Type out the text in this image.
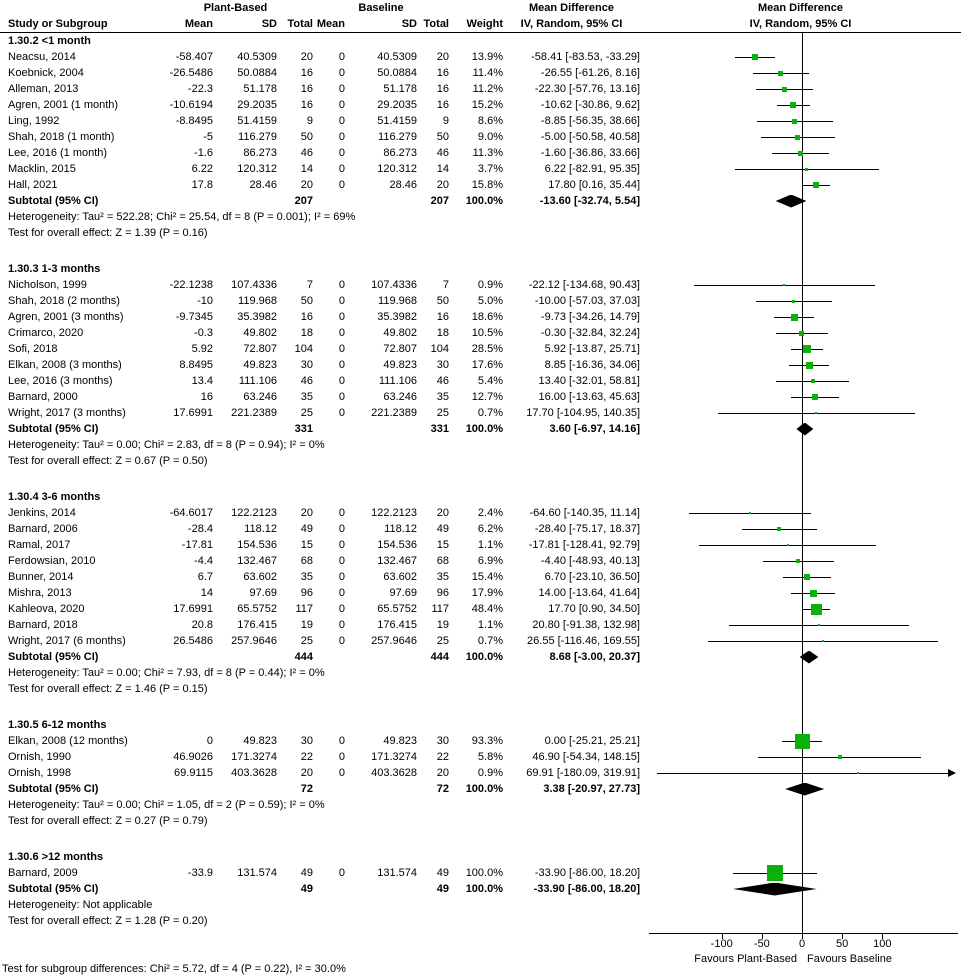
Plant-Based	Baseline	Mean Difference	Mean Difference
Study or Subgroup	Mean	SD Total Mean	SD Total	Weight	IV, Random, 95% CI	IV, Random, 95% CI
1.30.2 <1 month
Neacsu, 2014	-58.407	40.5309	20	0	40.5309	20	13.9%	-58.41 [-83.53, -33.29]
Koebnick, 2004	-26.5486	50.0884	16	0	50.0884	16	11.4%	-26.55 [-61.26, 8.16]
Alleman, 2013	-22.3	51.178	16	0	51.178	16	11.2%	-22.30 [-57.76, 13.16]
Agren, 2001 (1 month)	-10.6194	29.2035	16	0	29.2035	16	15.2%	-10.62 [-30.86, 9.62]
Ling, 1992	-8.8495	51.4159	9	0	51.4159	9	8.6%	-8.85 [-56.35, 38.66]
Shah, 2018 (1 month)	-5	116.279	50	0	116.279	50	9.0%	-5.00 [-50.58, 40.58]
Lee, 2016 (1 month)	-1.6	86.273	46	0	86.273	46	11.3%	-1.60 [-36.86, 33.66]
Macklin, 2015	6.22	120.312	14	0	120.312	14	3.7%	6.22 [-82.91, 95.35]
Hall, 2021	17.8	28.46	20	0	28.46	20	15.8%	17.80 [0.16, 35.44]
Subtotal (95% CI)	207	207	100.0%	-13.60 [-32.74, 5.54]
Heterogeneity: Tau² = 522.28; Chi² = 25.54, df = 8 (P = 0.001); I² = 69%
Test for overall effect: Z = 1.39 (P = 0.16)
1.30.3 1-3 months
Nicholson, 1999	-22.1238	107.4336	7	0	107.4336	7	0.9%	-22.12 [-134.68, 90.43]
Shah, 2018 (2 months)	-10	119.968	50	0	119.968	50	5.0%	-10.00 [-57.03, 37.03]
Agren, 2001 (3 months)	-9.7345	35.3982	16	0	35.3982	16	18.6%	-9.73 [-34.26, 14.79]
Crimarco, 2020	-0.3	49.802	18	0	49.802	18	10.5%	-0.30 [-32.84, 32.24]
Sofi, 2018	5.92	72.807	104	0	72.807	104	28.5%	5.92 [-13.87, 25.71]
Elkan, 2008 (3 months)	8.8495	49.823	30	0	49.823	30	17.6%	8.85 [-16.36, 34.06]
Lee, 2016 (3 months)	13.4	111.106	46	0	111.106	46	5.4%	13.40 [-32.01, 58.81]
Barnard, 2000	16	63.246	35	0	63.246	35	12.7%	16.00 [-13.63, 45.63]
Wright, 2017 (3 months)	17.6991	221.2389	25	0	221.2389	25	0.7%	17.70 [-104.95, 140.35]
Subtotal (95% CI)	331	331	100.0%	3.60 [-6.97, 14.16]
Heterogeneity: Tau² = 0.00; Chi² = 2.83, df = 8 (P = 0.94); I² = 0%
Test for overall effect: Z = 0.67 (P = 0.50)
1.30.4 3-6 months
Jenkins, 2014	-64.6017	122.2123	20	0	122.2123	20	2.4%	-64.60 [-140.35, 11.14]
Barnard, 2006	-28.4	118.12	49	0	118.12	49	6.2%	-28.40 [-75.17, 18.37]
Ramal, 2017	-17.81	154.536	15	0	154.536	15	1.1%	-17.81 [-128.41, 92.79]
Ferdowsian, 2010	-4.4	132.467	68	0	132.467	68	6.9%	-4.40 [-48.93, 40.13]
Bunner, 2014	6.7	63.602	35	0	63.602	35	15.4%	6.70 [-23.10, 36.50]
Mishra, 2013	14	97.69	96	0	97.69	96	17.9%	14.00 [-13.64, 41.64]
Kahleova, 2020	17.6991	65.5752	117	0	65.5752	117	48.4%	17.70 [0.90, 34.50]
Barnard, 2018	20.8	176.415	19	0	176.415	19	1.1%	20.80 [-91.38, 132.98]
Wright, 2017 (6 months)	26.5486	257.9646	25	0	257.9646	25	0.7%	26.55 [-116.46, 169.55]
Subtotal (95% CI)	444	444	100.0%	8.68 [-3.00, 20.37]
Heterogeneity: Tau² = 0.00; Chi² = 7.93, df = 8 (P = 0.44); I² = 0%
Test for overall effect: Z = 1.46 (P = 0.15)
1.30.5 6-12 months
Elkan, 2008 (12 months)	0	49.823	30	0	49.823	30	93.3%	0.00 [-25.21, 25.21]
Ornish, 1990	46.9026	171.3274	22	0	171.3274	22	5.8%	46.90 [-54.34, 148.15]
Ornish, 1998	69.9115	403.3628	20	0	403.3628	20	0.9%	69.91 [-180.09, 319.91]
Subtotal (95% CI)	72	72	100.0%	3.38 [-20.97, 27.73]
Heterogeneity: Tau² = 0.00; Chi² = 1.05, df = 2 (P = 0.59); I² = 0%
Test for overall effect: Z = 0.27 (P = 0.79)
1.30.6 >12 months
Barnard, 2009	-33.9	131.574	49	0	131.574	49	100.0%	-33.90 [-86.00, 18.20]
Subtotal (95% CI)	49	49	100.0%	-33.90 [-86.00, 18.20]
Heterogeneity: Not applicable
Test for overall effect: Z = 1.28 (P = 0.20)
-100	-50	0	50	100
Favours Plant-Based Favours Baseline
Test for subgroup differences: Chi² = 5.72, df = 4 (P = 0.22), I² = 30.0%
